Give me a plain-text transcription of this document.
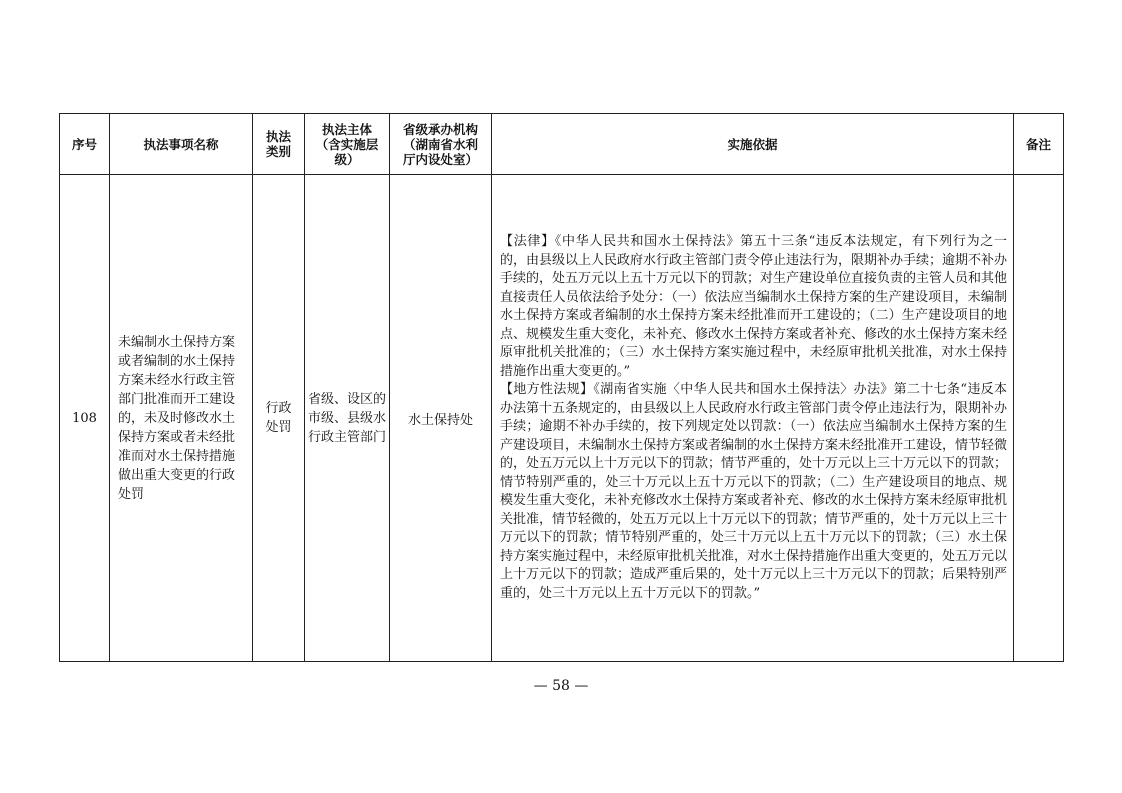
序号	执法事项名称	执法类别	执法主体（含实施层级）	省级承办机构（湖南省水利厅内设处室）	实施依据	备注
108	未编制水土保持方案或者编制的水土保持方案未经水行政主管部门批准而开工建设的，未及时修改水土保持方案或者未经批准而对水土保持措施做出重大变更的行政处罚	行政处罚	省级、设区的市级、县级水行政主管部门	水土保持处	【法律】《中华人民共和国水土保持法》第五十三条“违反本法规定，有下列行为之一的，由县级以上人民政府水行政主管部门责令停止违法行为，限期补办手续；逾期不补办手续的，处五万元以上五十万元以下的罚款；对生产建设单位直接负责的主管人员和其他直接责任人员依法给予处分：（一）依法应当编制水土保持方案的生产建设项目，未编制水土保持方案或者编制的水土保持方案未经批准而开工建设的；（二）生产建设项目的地点、规模发生重大变化，未补充、修改水土保持方案或者补充、修改的水土保持方案未经原审批机关批准的；（三）水土保持方案实施过程中，未经原审批机关批准，对水土保持措施作出重大变更的。”

【地方性法规】《湖南省实施〈中华人民共和国水土保持法〉办法》第二十七条“违反本办法第十五条规定的，由县级以上人民政府水行政主管部门责令停止违法行为，限期补办手续；逾期不补办手续的，按下列规定处以罚款：（一）依法应当编制水土保持方案的生产建设项目，未编制水土保持方案或者编制的水土保持方案未经批准开工建设，情节轻微的，处五万元以上十万元以下的罚款；情节严重的，处十万元以上三十万元以下的罚款；情节特别严重的，处三十万元以上五十万元以下的罚款；（二）生产建设项目的地点、规模发生重大变化，未补充修改水土保持方案或者补充、修改的水土保持方案未经原审批机关批准，情节轻微的，处五万元以上十万元以下的罚款；情节严重的，处十万元以上三十万元以下的罚款；情节特别严重的，处三十万元以上五十万元以下的罚款；（三）水土保持方案实施过程中，未经原审批机关批准，对水土保持措施作出重大变更的，处五万元以上十万元以下的罚款；造成严重后果的，处十万元以上三十万元以下的罚款；后果特别严重的，处三十万元以上五十万元以下的罚款。”	

— 58 —
